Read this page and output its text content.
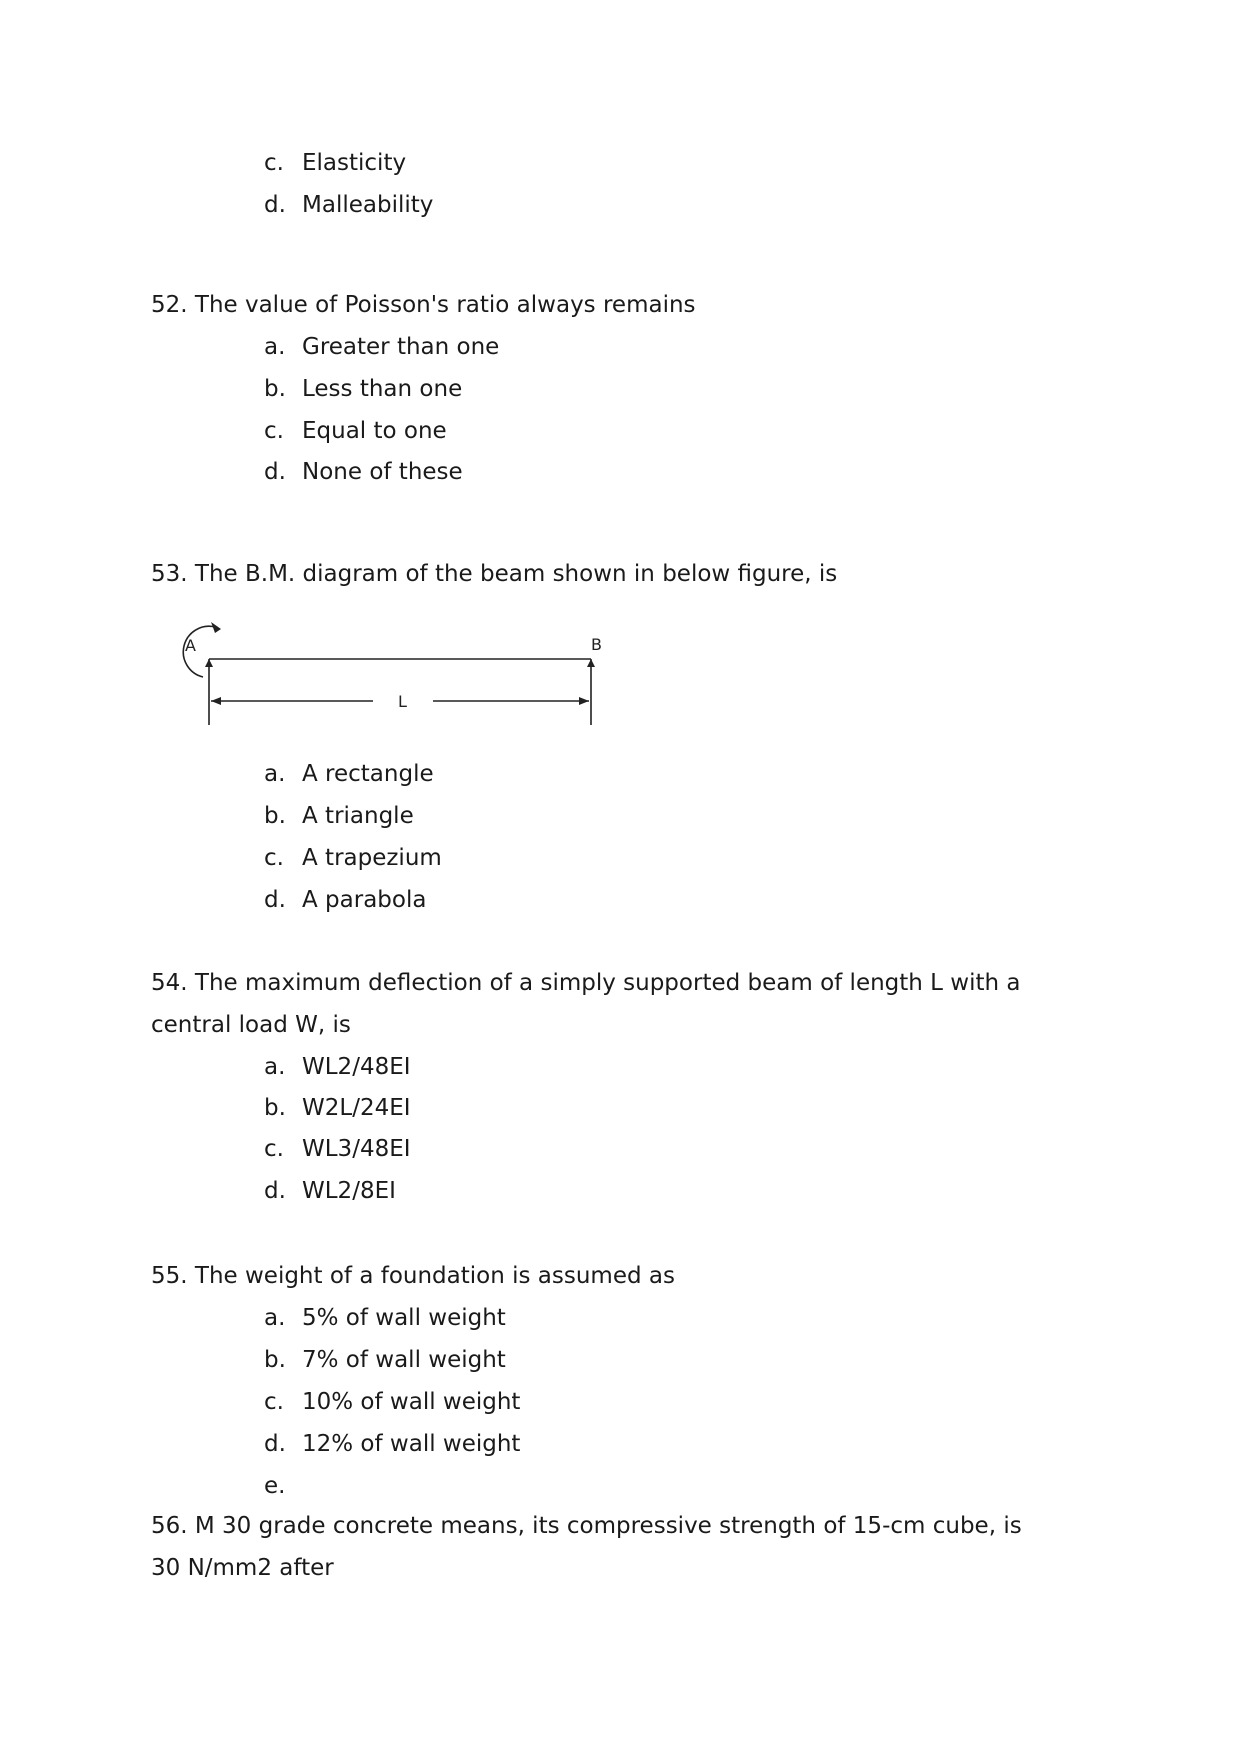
c. Elasticity
d. Malleability
52. The value of Poisson's ratio always remains
a. Greater than one
b. Less than one
c. Equal to one
d. None of these
53. The B.M. diagram of the beam shown in below figure, is
A	B
L
a. A rectangle
b. A triangle
c. A trapezium
d. A parabola
54. The maximum deflection of a simply supported beam of length L with a
central load W, is
a. WL2/48EI
b. W2L/24EI
c. WL3/48EI
d. WL2/8EI
55. The weight of a foundation is assumed as
a. 5% of wall weight
b. 7% of wall weight
c. 10% of wall weight
d. 12% of wall weight
e.
56. M 30 grade concrete means, its compressive strength of 15-cm cube, is
30 N/mm2 after
